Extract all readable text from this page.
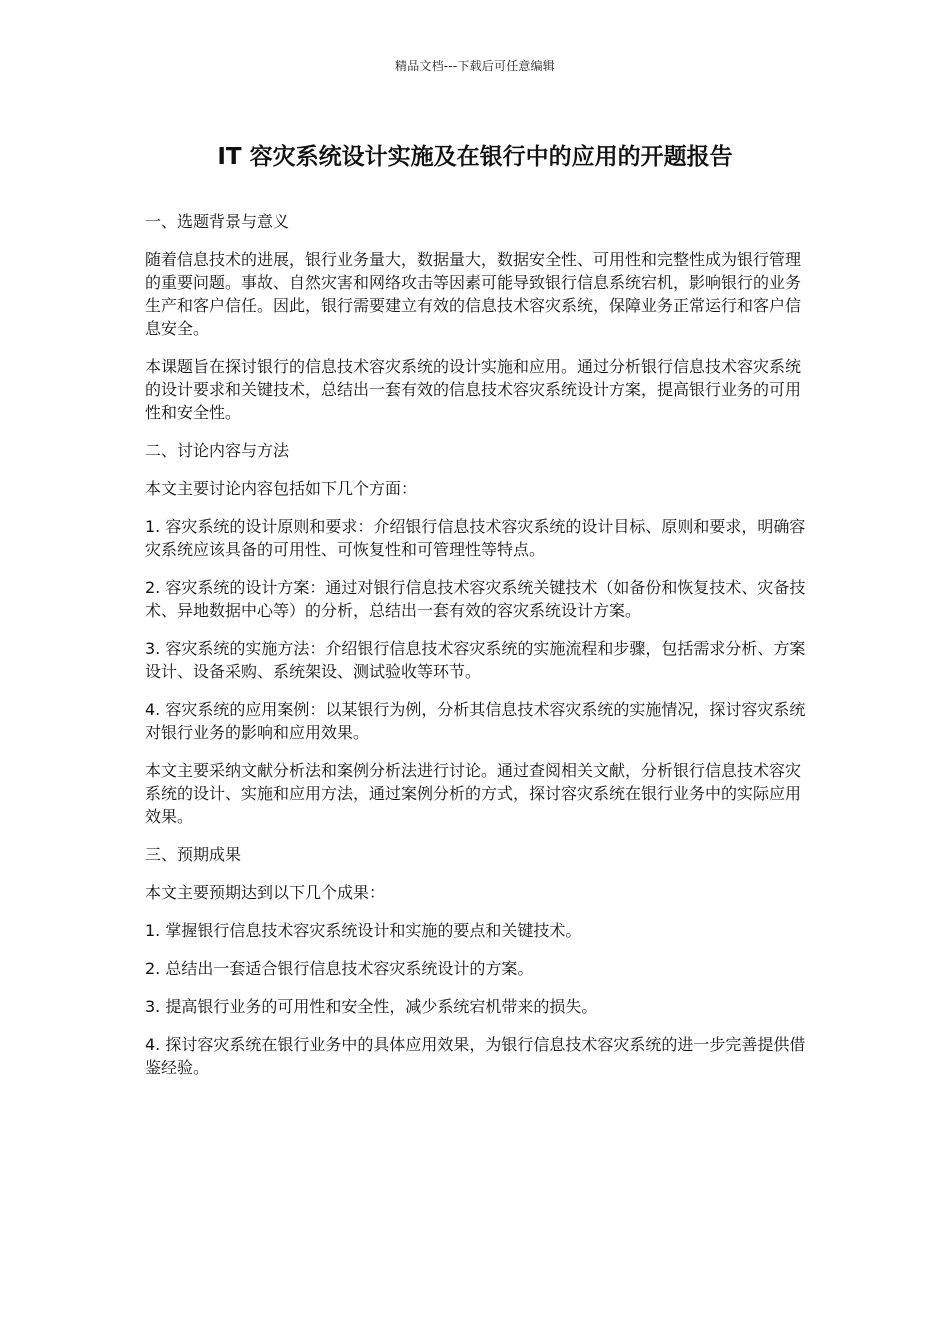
精品文档---下载后可任意编辑
IT 容灾系统设计实施及在银行中的应用的开题报告

一、选题背景与意义

随着信息技术的进展，银行业务量大，数据量大，数据安全性、可用性和完整性成为银行管理的重要问题。事故、自然灾害和网络攻击等因素可能导致银行信息系统宕机，影响银行的业务生产和客户信任。因此，银行需要建立有效的信息技术容灾系统，保障业务正常运行和客户信息安全。

本课题旨在探讨银行的信息技术容灾系统的设计实施和应用。通过分析银行信息技术容灾系统的设计要求和关键技术，总结出一套有效的信息技术容灾系统设计方案，提高银行业务的可用性和安全性。

二、讨论内容与方法

本文主要讨论内容包括如下几个方面：

1. 容灾系统的设计原则和要求：介绍银行信息技术容灾系统的设计目标、原则和要求，明确容灾系统应该具备的可用性、可恢复性和可管理性等特点。

2. 容灾系统的设计方案：通过对银行信息技术容灾系统关键技术（如备份和恢复技术、灾备技术、异地数据中心等）的分析，总结出一套有效的容灾系统设计方案。

3. 容灾系统的实施方法：介绍银行信息技术容灾系统的实施流程和步骤，包括需求分析、方案设计、设备采购、系统架设、测试验收等环节。

4. 容灾系统的应用案例：以某银行为例，分析其信息技术容灾系统的实施情况，探讨容灾系统对银行业务的影响和应用效果。

本文主要采纳文献分析法和案例分析法进行讨论。通过查阅相关文献，分析银行信息技术容灾系统的设计、实施和应用方法，通过案例分析的方式，探讨容灾系统在银行业务中的实际应用效果。

三、预期成果

本文主要预期达到以下几个成果：

1. 掌握银行信息技术容灾系统设计和实施的要点和关键技术。

2. 总结出一套适合银行信息技术容灾系统设计的方案。

3. 提高银行业务的可用性和安全性，减少系统宕机带来的损失。

4. 探讨容灾系统在银行业务中的具体应用效果，为银行信息技术容灾系统的进一步完善提供借鉴经验。
